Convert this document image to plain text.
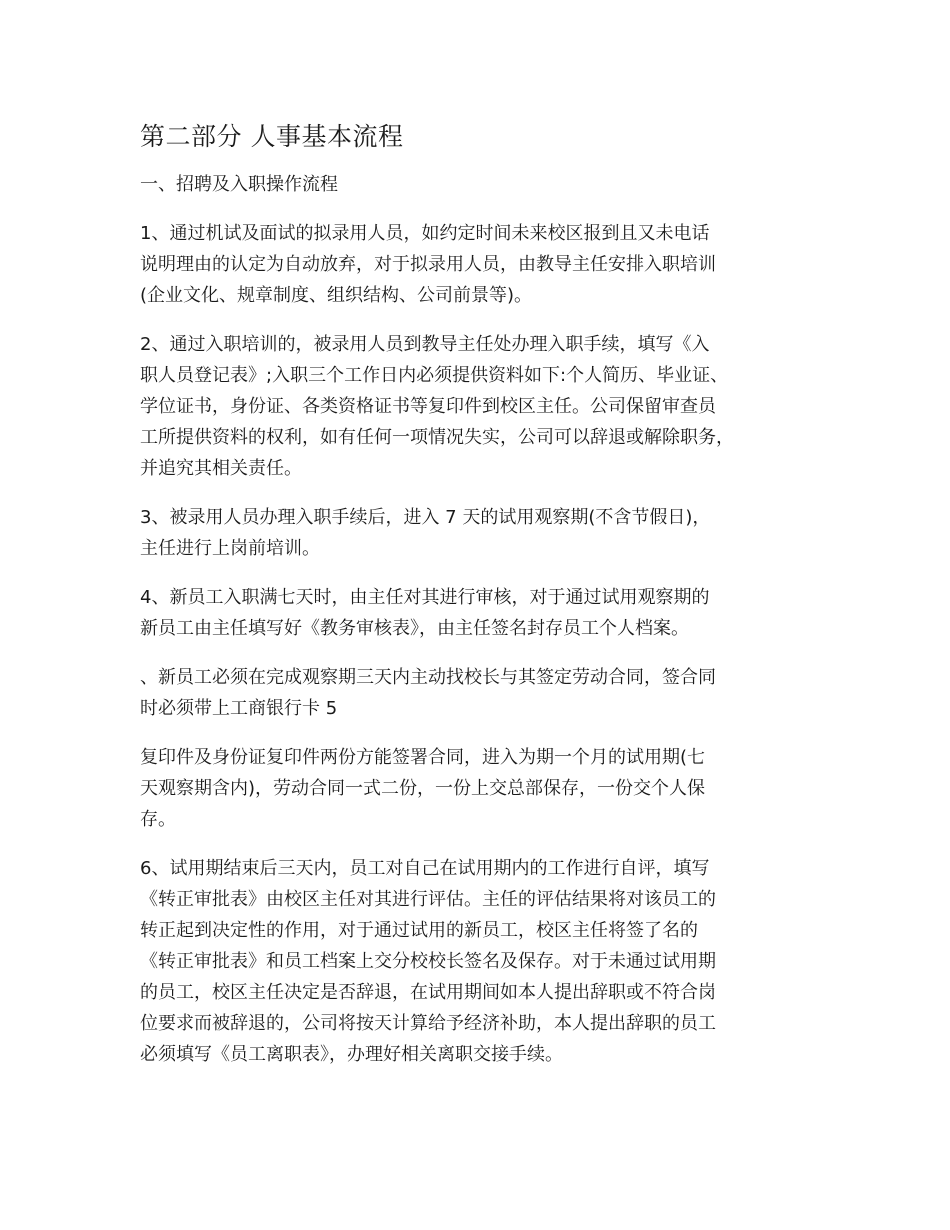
第二部分 人事基本流程
一、招聘及入职操作流程
1、通过机试及面试的拟录用人员，如约定时间未来校区报到且又未电话
说明理由的认定为自动放弃，对于拟录用人员，由教导主任安排入职培训
(企业文化、规章制度、组织结构、公司前景等)。
2、通过入职培训的，被录用人员到教导主任处办理入职手续，填写《入
职人员登记表》;入职三个工作日内必须提供资料如下:个人简历、毕业证、
学位证书，身份证、各类资格证书等复印件到校区主任。公司保留审查员
工所提供资料的权利，如有任何一项情况失实，公司可以辞退或解除职务，
并追究其相关责任。
3、被录用人员办理入职手续后，进入 7 天的试用观察期(不含节假日)，
主任进行上岗前培训。
4、新员工入职满七天时，由主任对其进行审核，对于通过试用观察期的
新员工由主任填写好《教务审核表》，由主任签名封存员工个人档案。
、新员工必须在完成观察期三天内主动找校长与其签定劳动合同，签合同
时必须带上工商银行卡 5
复印件及身份证复印件两份方能签署合同，进入为期一个月的试用期(七
天观察期含内)，劳动合同一式二份，一份上交总部保存，一份交个人保
存。
6、试用期结束后三天内，员工对自己在试用期内的工作进行自评，填写
《转正审批表》由校区主任对其进行评估。主任的评估结果将对该员工的
转正起到决定性的作用，对于通过试用的新员工，校区主任将签了名的
《转正审批表》和员工档案上交分校校长签名及保存。对于未通过试用期
的员工，校区主任决定是否辞退，在试用期间如本人提出辞职或不符合岗
位要求而被辞退的，公司将按天计算给予经济补助，本人提出辞职的员工
必须填写《员工离职表》，办理好相关离职交接手续。
